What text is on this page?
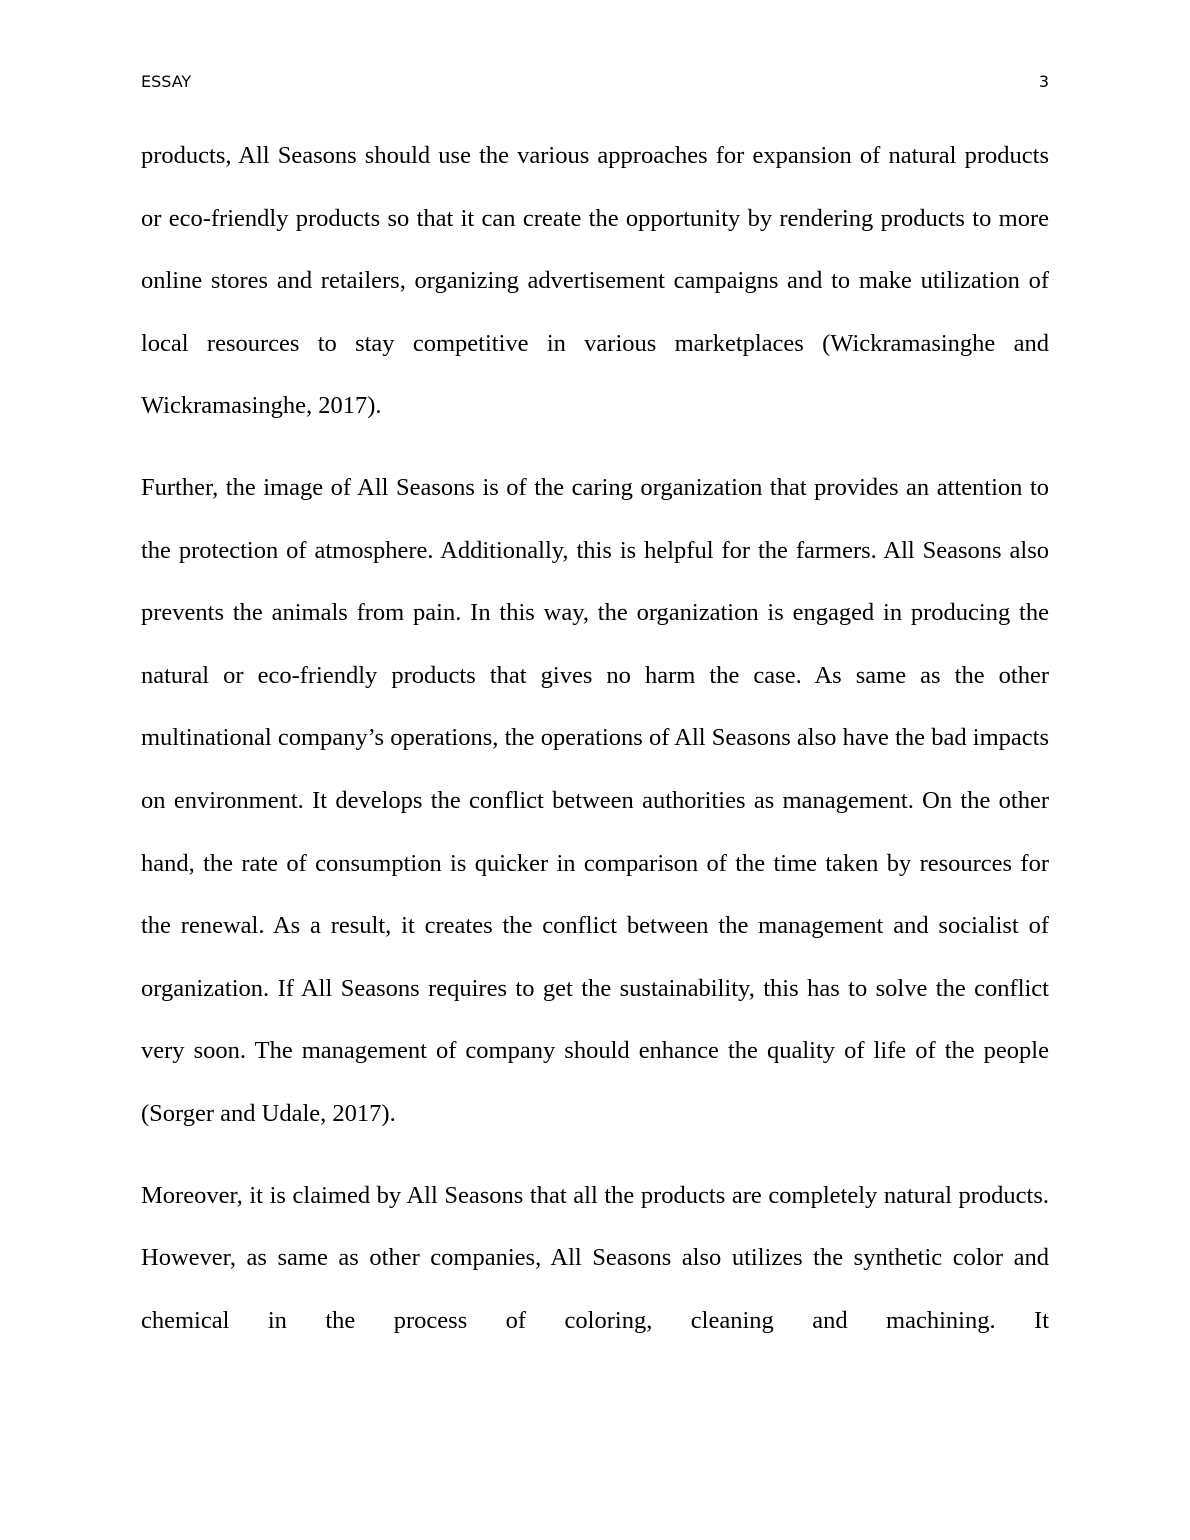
ESSAY	3

products, All Seasons should use the various approaches for expansion of natural products or eco-friendly products so that it can create the opportunity by rendering products to more online stores and retailers, organizing advertisement campaigns and to make utilization of local resources to stay competitive in various marketplaces (Wickramasinghe and Wickramasinghe, 2017).

Further, the image of All Seasons is of the caring organization that provides an attention to the protection of atmosphere. Additionally, this is helpful for the farmers. All Seasons also prevents the animals from pain. In this way, the organization is engaged in producing the natural or eco-friendly products that gives no harm the case. As same as the other multinational company’s operations, the operations of All Seasons also have the bad impacts on environment. It develops the conflict between authorities as management. On the other hand, the rate of consumption is quicker in comparison of the time taken by resources for the renewal. As a result, it creates the conflict between the management and socialist of organization. If All Seasons requires to get the sustainability, this has to solve the conflict very soon. The management of company should enhance the quality of life of the people (Sorger and Udale, 2017).

Moreover, it is claimed by All Seasons that all the products are completely natural products. However, as same as other companies, All Seasons also utilizes the synthetic color and chemical in the process of coloring, cleaning and machining. It
